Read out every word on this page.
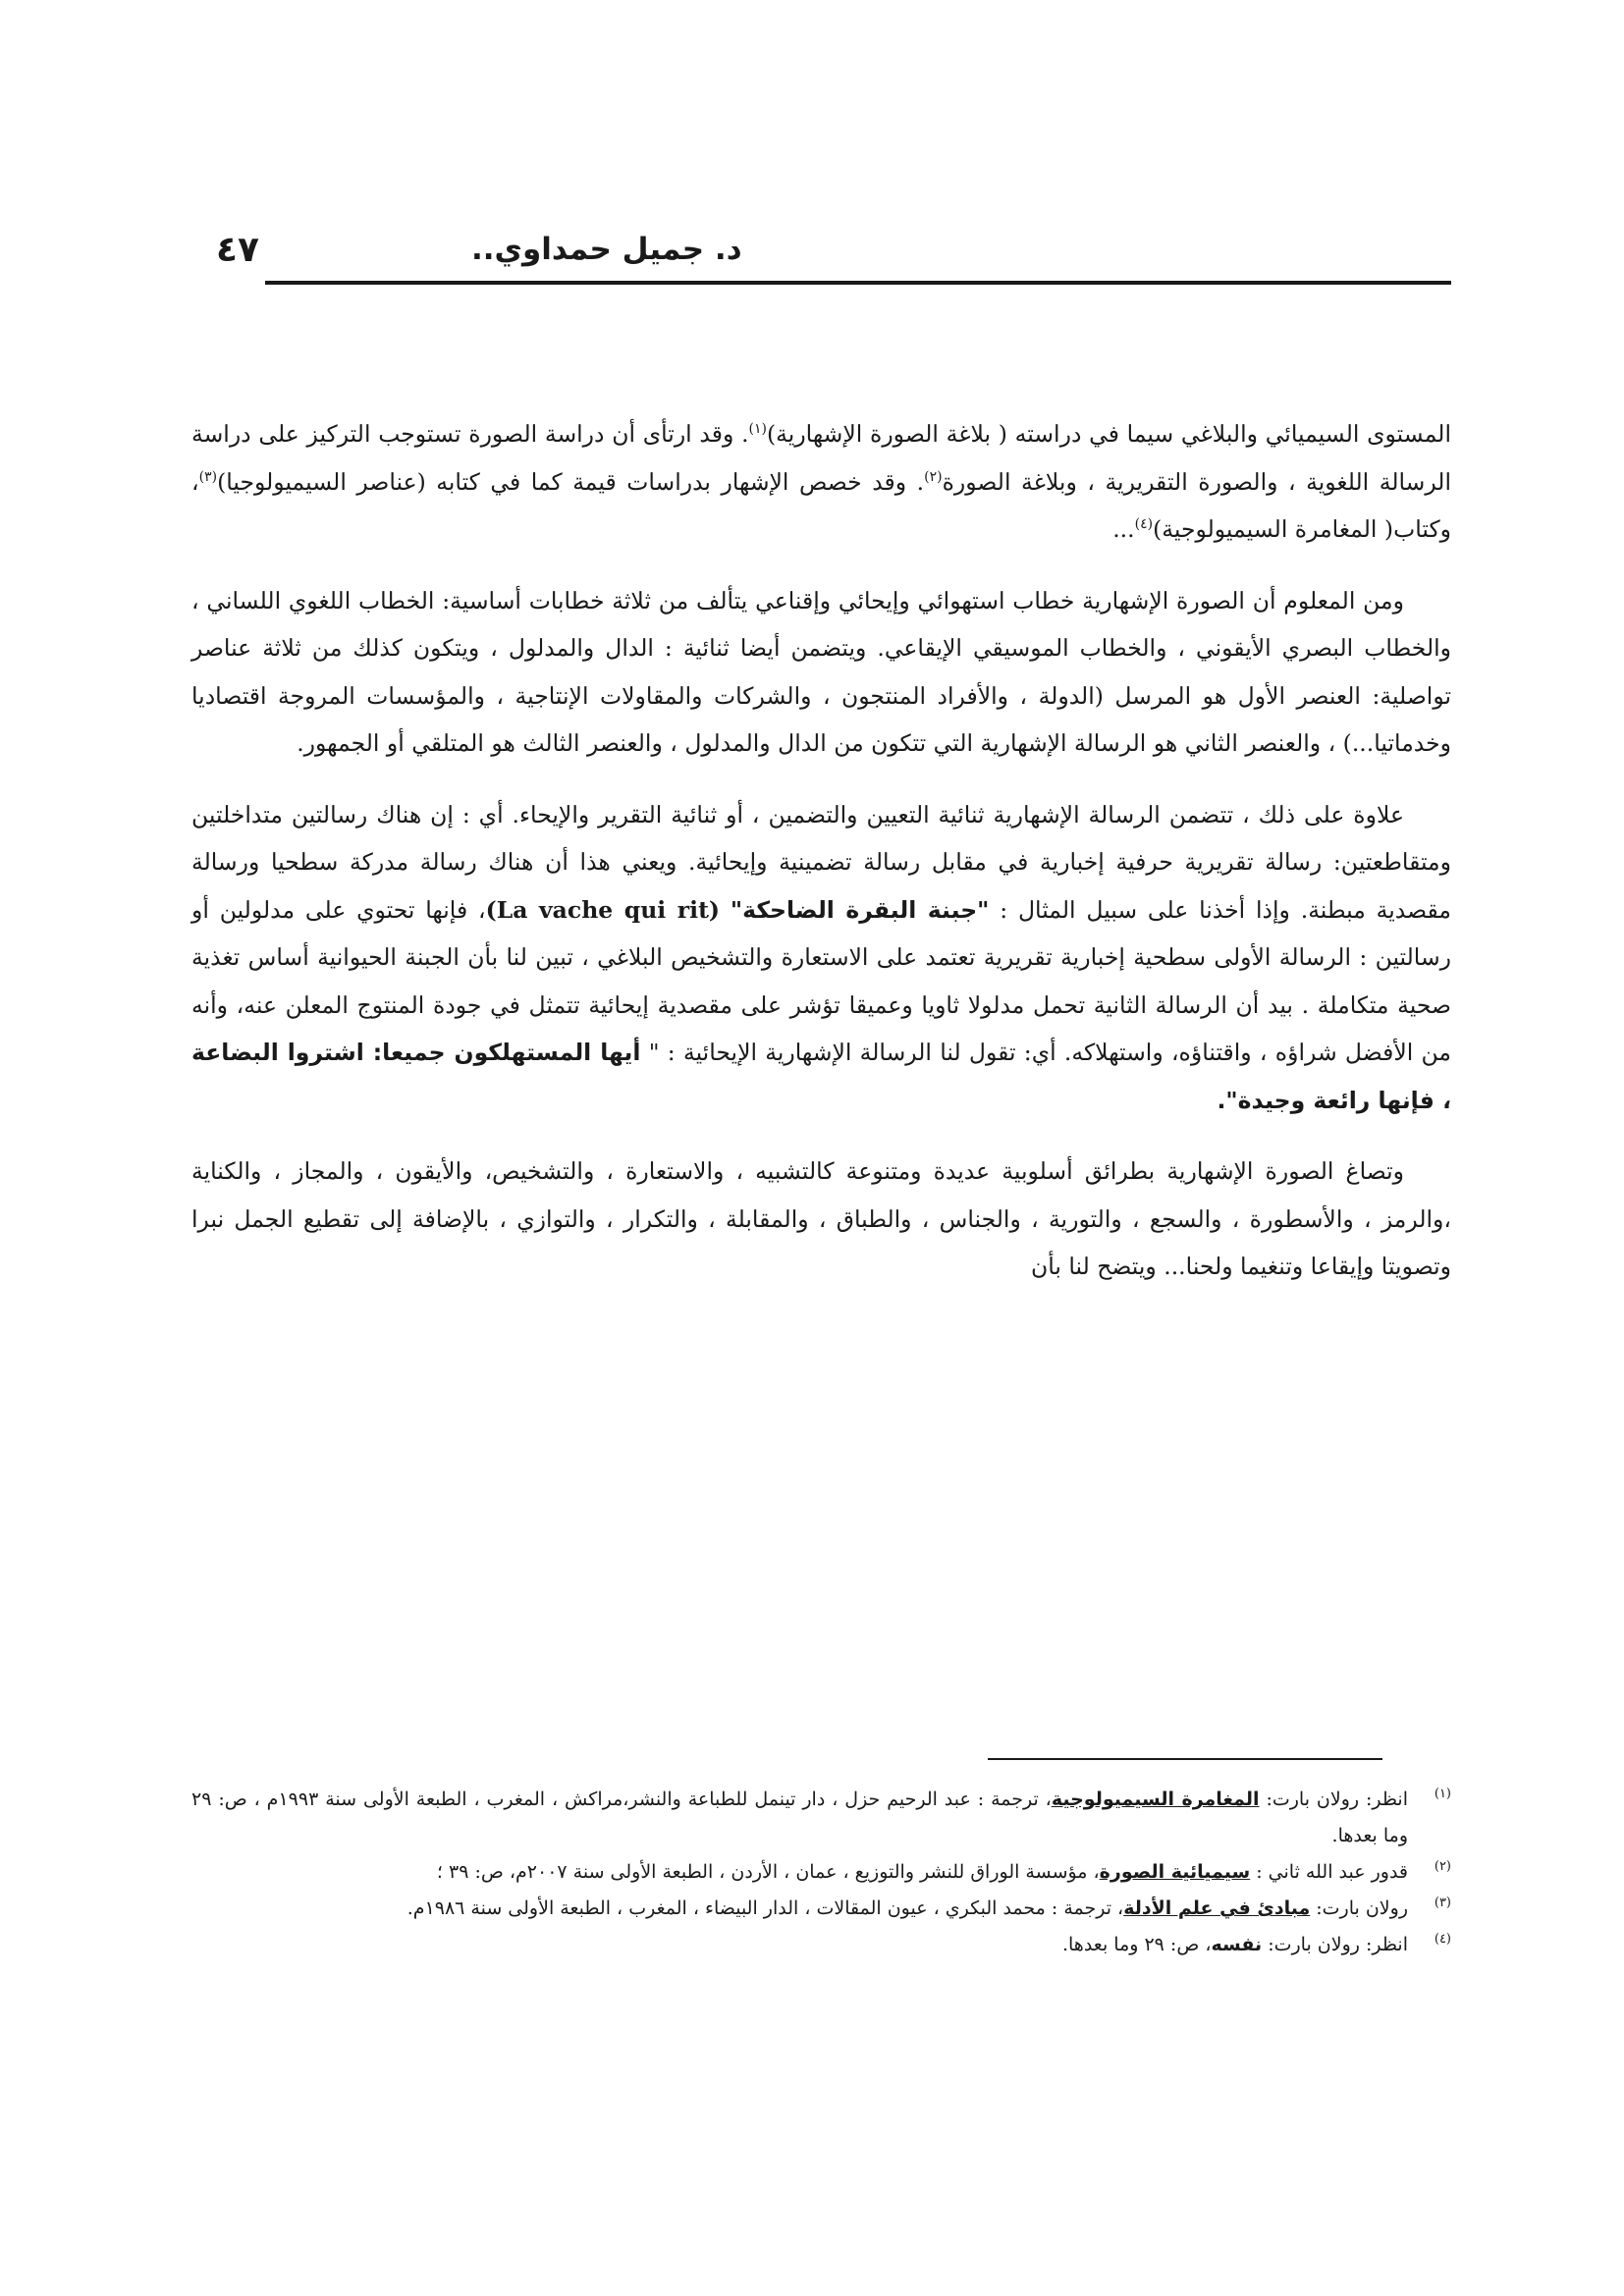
٤٧	د. جميل حمداوي..

المستوى السيميائي والبلاغي سيما في دراسته ( بلاغة الصورة الإشهارية)$^{(١)}$. وقد ارتأى أن دراسة الصورة تستوجب التركيز على دراسة الرسالة اللغوية ، والصورة التقريرية ، وبلاغة الصورة$^{(٢)}$. وقد خصص الإشهار بدراسات قيمة كما في كتابه (عناصر السيميولوجيا)$^{(٣)}$، وكتاب( المغامرة السيميولوجية)$^{(٤)}$...

ومن المعلوم أن الصورة الإشهارية خطاب استهوائي وإيحائي وإقناعي يتألف من ثلاثة خطابات أساسية: الخطاب اللغوي اللساني ، والخطاب البصري الأيقوني ، والخطاب الموسيقي الإيقاعي. ويتضمن أيضا ثنائية : الدال والمدلول ، ويتكون كذلك من ثلاثة عناصر تواصلية: العنصر الأول هو المرسل (الدولة ، والأفراد المنتجون ، والشركات والمقاولات الإنتاجية ، والمؤسسات المروجة اقتصاديا وخدماتيا...) ، والعنصر الثاني هو الرسالة الإشهارية التي تتكون من الدال والمدلول ، والعنصر الثالث هو المتلقي أو الجمهور.

علاوة على ذلك ، تتضمن الرسالة الإشهارية ثنائية التعيين والتضمين ، أو ثنائية التقرير والإيحاء. أي : إن هناك رسالتين متداخلتين ومتقاطعتين: رسالة تقريرية حرفية إخبارية في مقابل رسالة تضمينية وإيحائية. ويعني هذا أن هناك رسالة مدركة سطحيا ورسالة مقصدية مبطنة. وإذا أخذنا على سبيل المثال : "جبنة البقرة الضاحكة" (La vache qui rit)، فإنها تحتوي على مدلولين أو رسالتين : الرسالة الأولى سطحية إخبارية تقريرية تعتمد على الاستعارة والتشخيص البلاغي ، تبين لنا بأن الجبنة الحيوانية أساس تغذية صحية متكاملة . بيد أن الرسالة الثانية تحمل مدلولا ثاويا وعميقا تؤشر على مقصدية إيحائية تتمثل في جودة المنتوج المعلن عنه، وأنه من الأفضل شراؤه ، واقتناؤه، واستهلاكه. أي: تقول لنا الرسالة الإشهارية الإيحائية : " أيها المستهلكون جميعا: اشتروا البضاعة ، فإنها رائعة وجيدة".

وتصاغ الصورة الإشهارية بطرائق أسلوبية عديدة ومتنوعة كالتشبيه ، والاستعارة ، والتشخيص، والأيقون ، والمجاز ، والكناية ،والرمز ، والأسطورة ، والسجع ، والتورية ، والجناس ، والطباق ، والمقابلة ، والتكرار ، والتوازي ، بالإضافة إلى تقطيع الجمل نبرا وتصويتا وإيقاعا وتنغيما ولحنا... ويتضح لنا بأن

(١)
انظر: رولان بارت: المغامرة السيميولوجية، ترجمة : عبد الرحيم حزل ، دار تينمل للطباعة والنشر،مراكش ، المغرب ، الطبعة الأولى سنة ١٩٩٣م ، ص: ٢٩ وما بعدها.
(٢)
قدور عبد الله ثاني : سيميائية الصورة، مؤسسة الوراق للنشر والتوزيع ، عمان ، الأردن ، الطبعة الأولى سنة ٢٠٠٧م، ص: ٣٩ ؛
(٣)
رولان بارت: مبادئ في علم الأدلة، ترجمة : محمد البكري ، عيون المقالات ، الدار البيضاء ، المغرب ، الطبعة الأولى سنة ١٩٨٦م.
(٤)
انظر: رولان بارت: نفسه، ص: ٢٩ وما بعدها.
